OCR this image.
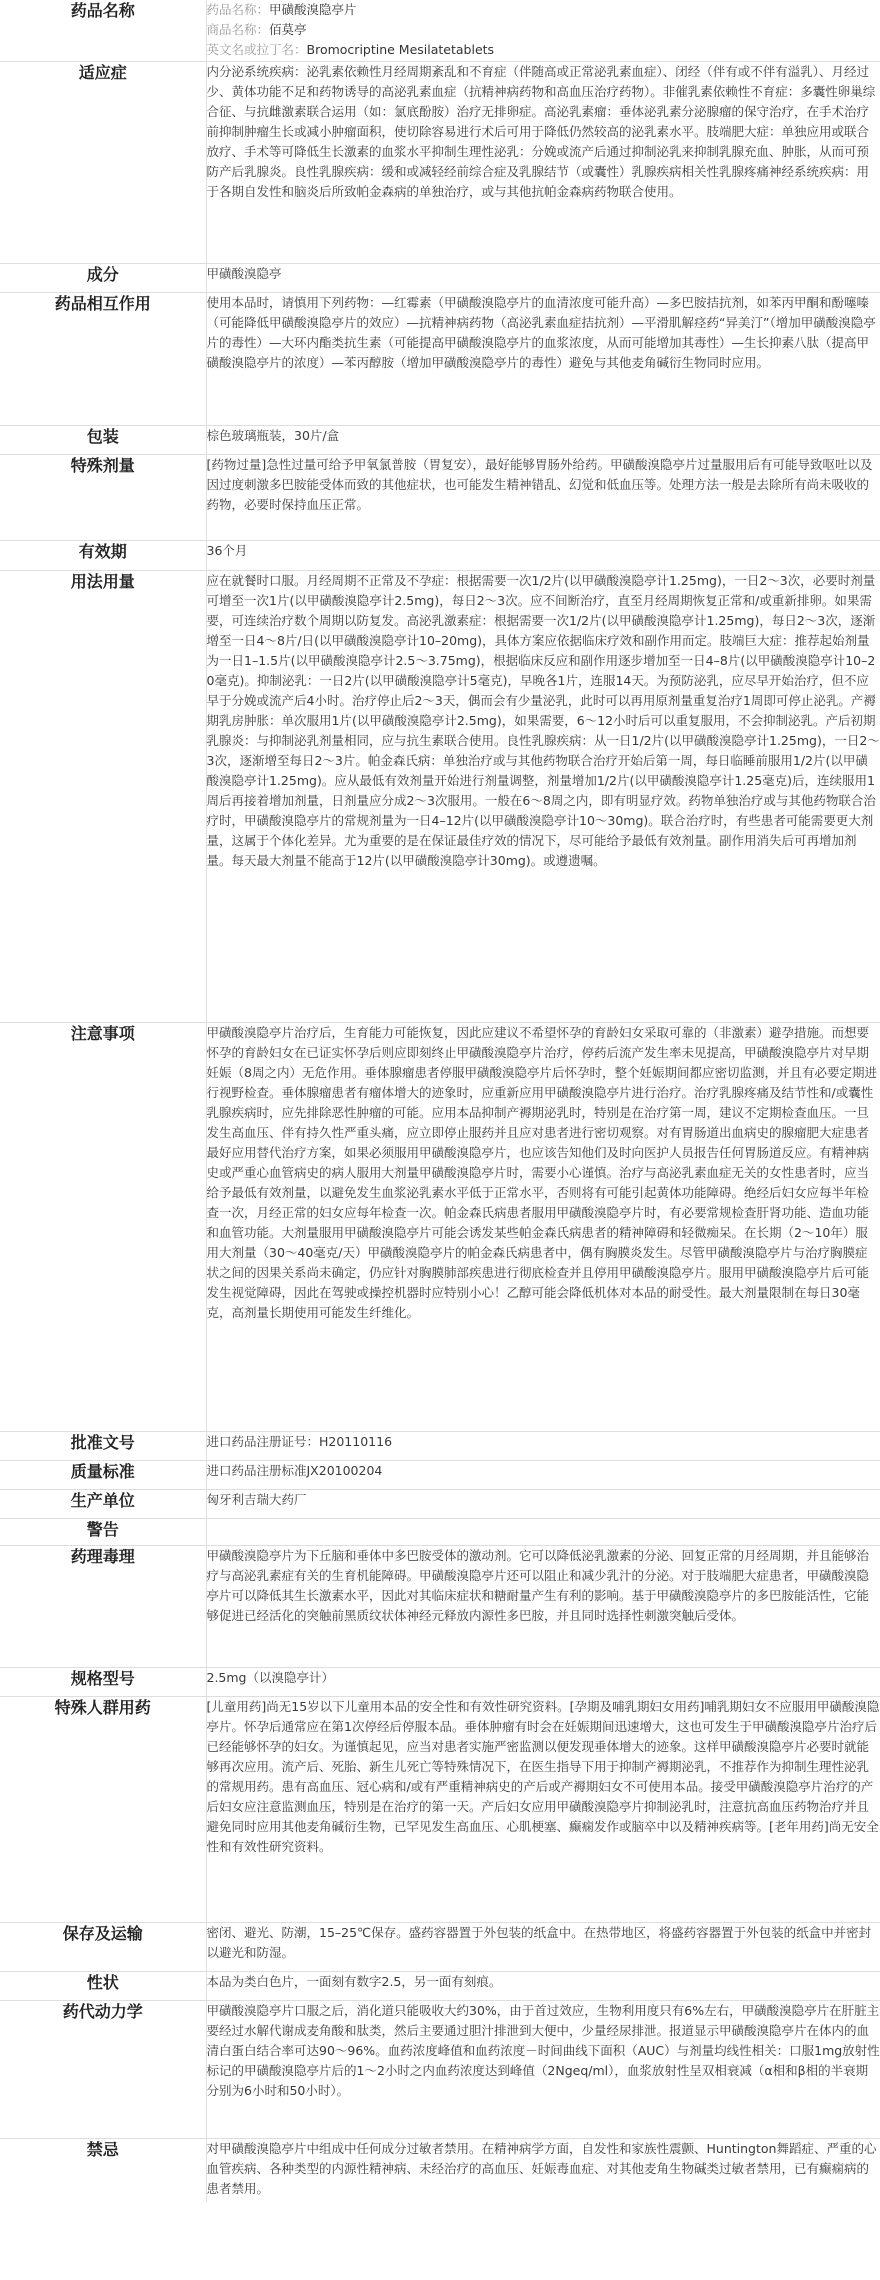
药品名称	药品名称：甲磺酸溴隐亭片
商品名称：佰莫亭
英文名或拉丁名：Bromocriptine Mesilatetablets

适应症	内分泌系统疾病：泌乳素依赖性月经周期紊乱和不育症（伴随高或正常泌乳素血症）、闭经（伴有或不伴有溢乳）、月经过少、黄体功能不足和药物诱导的高泌乳素血症（抗精神病药物和高血压治疗药物）。非催乳素依赖性不育症：多囊性卵巢综合征、与抗雌激素联合运用（如：氯底酚胺）治疗无排卵症。高泌乳素瘤：垂体泌乳素分泌腺瘤的保守治疗，在手术治疗前抑制肿瘤生长或减小肿瘤面积，使切除容易进行术后可用于降低仍然较高的泌乳素水平。肢端肥大症：单独应用或联合放疗、手术等可降低生长激素的血浆水平抑制生理性泌乳：分娩或流产后通过抑制泌乳来抑制乳腺充血、肿胀，从而可预防产后乳腺炎。良性乳腺疾病：缓和或减轻经前综合症及乳腺结节（或囊性）乳腺疾病相关性乳腺疼痛神经系统疾病：用于各期自发性和脑炎后所致帕金森病的单独治疗，或与其他抗帕金森病药物联合使用。

成分	甲磺酸溴隐亭

药品相互作用	使用本品时，请慎用下列药物：—红霉素（甲磺酸溴隐亭片的血清浓度可能升高）—多巴胺拮抗剂，如苯丙甲酮和酚噻嗪（可能降低甲磺酸溴隐亭片的效应）—抗精神病药物（高泌乳素血症拮抗剂）—平滑肌解痉药“异美汀”（增加甲磺酸溴隐亭片的毒性）—大环内酯类抗生素（可能提高甲磺酸溴隐亭片的血浆浓度，从而可能增加其毒性）—生长抑素八肽（提高甲磺酸溴隐亭片的浓度）—苯丙醇胺（增加甲磺酸溴隐亭片的毒性）避免与其他麦角碱衍生物同时应用。

包装	棕色玻璃瓶装，30片/盒

特殊剂量	[药物过量]急性过量可给予甲氧氯普胺（胃复安），最好能够胃肠外给药。甲磺酸溴隐亭片过量服用后有可能导致呕吐以及因过度刺激多巴胺能受体而致的其他症状，也可能发生精神错乱、幻觉和低血压等。处理方法一般是去除所有尚未吸收的药物，必要时保持血压正常。

有效期	36个月

用法用量	应在就餐时口服。月经周期不正常及不孕症：根据需要一次1/2片(以甲磺酸溴隐亭计1.25mg)，一日2～3次，必要时剂量可增至一次1片(以甲磺酸溴隐亭计2.5mg)，每日2～3次。应不间断治疗，直至月经周期恢复正常和/或重新排卵。如果需要，可连续治疗数个周期以防复发。高泌乳激素症：根据需要一次1/2片(以甲磺酸溴隐亭计1.25mg)，每日2～3次，逐渐增至一日4～8片/日(以甲磺酸溴隐亭计10–20mg)，具体方案应依据临床疗效和副作用而定。肢端巨大症：推荐起始剂量为一日1–1.5片(以甲磺酸溴隐亭计2.5～3.75mg)，根据临床反应和副作用逐步增加至一日4–8片(以甲磺酸溴隐亭计10–20毫克)。抑制泌乳：一日2片(以甲磺酸溴隐亭计5毫克)，早晚各1片，连服14天。为预防泌乳，应尽早开始治疗，但不应早于分娩或流产后4小时。治疗停止后2～3天，偶而会有少量泌乳，此时可以再用原剂量重复治疗1周即可停止泌乳。产褥期乳房肿胀：单次服用1片(以甲磺酸溴隐亭计2.5mg)，如果需要，6～12小时后可以重复服用，不会抑制泌乳。产后初期乳腺炎：与抑制泌乳剂量相同，应与抗生素联合使用。良性乳腺疾病：从一日1/2片(以甲磺酸溴隐亭计1.25mg)，一日2～3次，逐渐增至每日2～3片。帕金森氏病：单独治疗或与其他药物联合治疗开始后第一周，每日临睡前服用1/2片(以甲磺酸溴隐亭计1.25mg)。应从最低有效剂量开始进行剂量调整，剂量增加1/2片(以甲磺酸溴隐亭计1.25毫克)后，连续服用1周后再接着增加剂量，日剂量应分成2～3次服用。一般在6～8周之内，即有明显疗效。药物单独治疗或与其他药物联合治疗时，甲磺酸溴隐亭片的常规剂量为一日4–12片(以甲磺酸溴隐亭计10～30mg)。联合治疗时，有些患者可能需要更大剂量，这属于个体化差异。尤为重要的是在保证最佳疗效的情况下，尽可能给予最低有效剂量。副作用消失后可再增加剂量。每天最大剂量不能高于12片(以甲磺酸溴隐亭计30mg)。或遵遗嘱。

注意事项	甲磺酸溴隐亭片治疗后，生育能力可能恢复，因此应建议不希望怀孕的育龄妇女采取可靠的（非激素）避孕措施。而想要怀孕的育龄妇女在已证实怀孕后则应即刻终止甲磺酸溴隐亭片治疗，停药后流产发生率未见提高，甲磺酸溴隐亭片对早期妊娠（8周之内）无危作用。垂体腺瘤患者停服甲磺酸溴隐亭片后怀孕时，整个妊娠期间都应密切监测，并且有必要定期进行视野检查。垂体腺瘤患者有瘤体增大的迹象时，应重新应用甲磺酸溴隐亭片进行治疗。治疗乳腺疼痛及结节性和/或囊性乳腺疾病时，应先排除恶性肿瘤的可能。应用本品抑制产褥期泌乳时，特别是在治疗第一周，建议不定期检查血压。一旦发生高血压、伴有持久性严重头痛，应立即停止服药并且应对患者进行密切观察。对有胃肠道出血病史的腺瘤肥大症患者最好应用替代治疗方案，如果必须服用甲磺酸溴隐亭片，也应该告知他们及时向医护人员报告任何胃肠道反应。有精神病史或严重心血管病史的病人服用大剂量甲磺酸溴隐亭片时，需要小心谨慎。治疗与高泌乳素血症无关的女性患者时，应当给予最低有效剂量，以避免发生血浆泌乳素水平低于正常水平，否则将有可能引起黄体功能障碍。绝经后妇女应每半年检查一次，月经正常的妇女应每年检查一次。帕金森氏病患者服用甲磺酸溴隐亭片时，有必要常规检查肝肾功能、造血功能和血管功能。大剂量服用甲磺酸溴隐亭片可能会诱发某些帕金森氏病患者的精神障碍和轻微痴呆。在长期（2～10年）服用大剂量（30～40毫克/天）甲磺酸溴隐亭片的帕金森氏病患者中，偶有胸膜炎发生。尽管甲磺酸溴隐亭片与治疗胸膜症状之间的因果关系尚未确定，仍应针对胸膜肺部疾患进行彻底检查并且停用甲磺酸溴隐亭片。服用甲磺酸溴隐亭片后可能发生视觉障碍，因此在驾驶或操控机器时应特别小心！乙醇可能会降低机体对本品的耐受性。最大剂量限制在每日30毫克，高剂量长期使用可能发生纤维化。

批准文号	进口药品注册证号：H20110116

质量标准	进口药品注册标准JX20100204

生产单位	匈牙利吉瑞大药厂

警告	

药理毒理	甲磺酸溴隐亭片为下丘脑和垂体中多巴胺受体的激动剂。它可以降低泌乳激素的分泌、回复正常的月经周期，并且能够治疗与高泌乳素症有关的生育机能障碍。甲磺酸溴隐亭片还可以阻止和减少乳汁的分泌。对于肢端肥大症患者，甲磺酸溴隐亭片可以降低其生长激素水平，因此对其临床症状和糖耐量产生有利的影响。基于甲磺酸溴隐亭片的多巴胺能活性，它能够促进已经活化的突触前黑质纹状体神经元释放内源性多巴胺，并且同时选择性刺激突触后受体。

规格型号	2.5mg（以溴隐亭计）

特殊人群用药	[儿童用药]尚无15岁以下儿童用本品的安全性和有效性研究资料。[孕期及哺乳期妇女用药]哺乳期妇女不应服用甲磺酸溴隐亭片。怀孕后通常应在第1次停经后停服本品。垂体肿瘤有时会在妊娠期间迅速增大，这也可发生于甲磺酸溴隐亭片治疗后已经能够怀孕的妇女。为谨慎起见，应当对患者实施严密监测以便发现垂体增大的迹象。这样甲磺酸溴隐亭片必要时就能够再次应用。流产后、死胎、新生儿死亡等特殊情况下，在医生指导下用于抑制产褥期泌乳，不推荐作为抑制生理性泌乳的常规用药。患有高血压、冠心病和/或有严重精神病史的产后或产褥期妇女不可使用本品。接受甲磺酸溴隐亭片治疗的产后妇女应注意监测血压，特别是在治疗的第一天。产后妇女应用甲磺酸溴隐亭片抑制泌乳时，注意抗高血压药物治疗并且避免同时应用其他麦角碱衍生物，已罕见发生高血压、心肌梗塞、癫痫发作或脑卒中以及精神疾病等。[老年用药]尚无安全性和有效性研究资料。

保存及运输	密闭、避光、防潮，15–25℃保存。盛药容器置于外包装的纸盒中。在热带地区，将盛药容器置于外包装的纸盒中并密封以避光和防湿。

性状	本品为类白色片，一面刻有数字2.5，另一面有刻痕。

药代动力学	甲磺酸溴隐亭片口服之后，消化道只能吸收大约30%，由于首过效应，生物利用度只有6%左右，甲磺酸溴隐亭片在肝脏主要经过水解代谢成麦角酸和肽类，然后主要通过胆汁排泄到大便中，少量经尿排泄。报道显示甲磺酸溴隐亭片在体内的血清白蛋白结合率可达90～96%。血药浓度峰值和血药浓度－时间曲线下面积（AUC）与剂量均线性相关：口服1mg放射性标记的甲磺酸溴隐亭片后的1～2小时之内血药浓度达到峰值（2Ngeq/ml），血浆放射性呈双相衰减（α相和β相的半衰期分别为6小时和50小时）。

禁忌	对甲磺酸溴隐亭片中组成中任何成分过敏者禁用。在精神病学方面，自发性和家族性震颤、Huntington舞蹈症、严重的心血管疾病、各种类型的内源性精神病、未经治疗的高血压、妊娠毒血症、对其他麦角生物碱类过敏者禁用，已有癫痫病的患者禁用。
